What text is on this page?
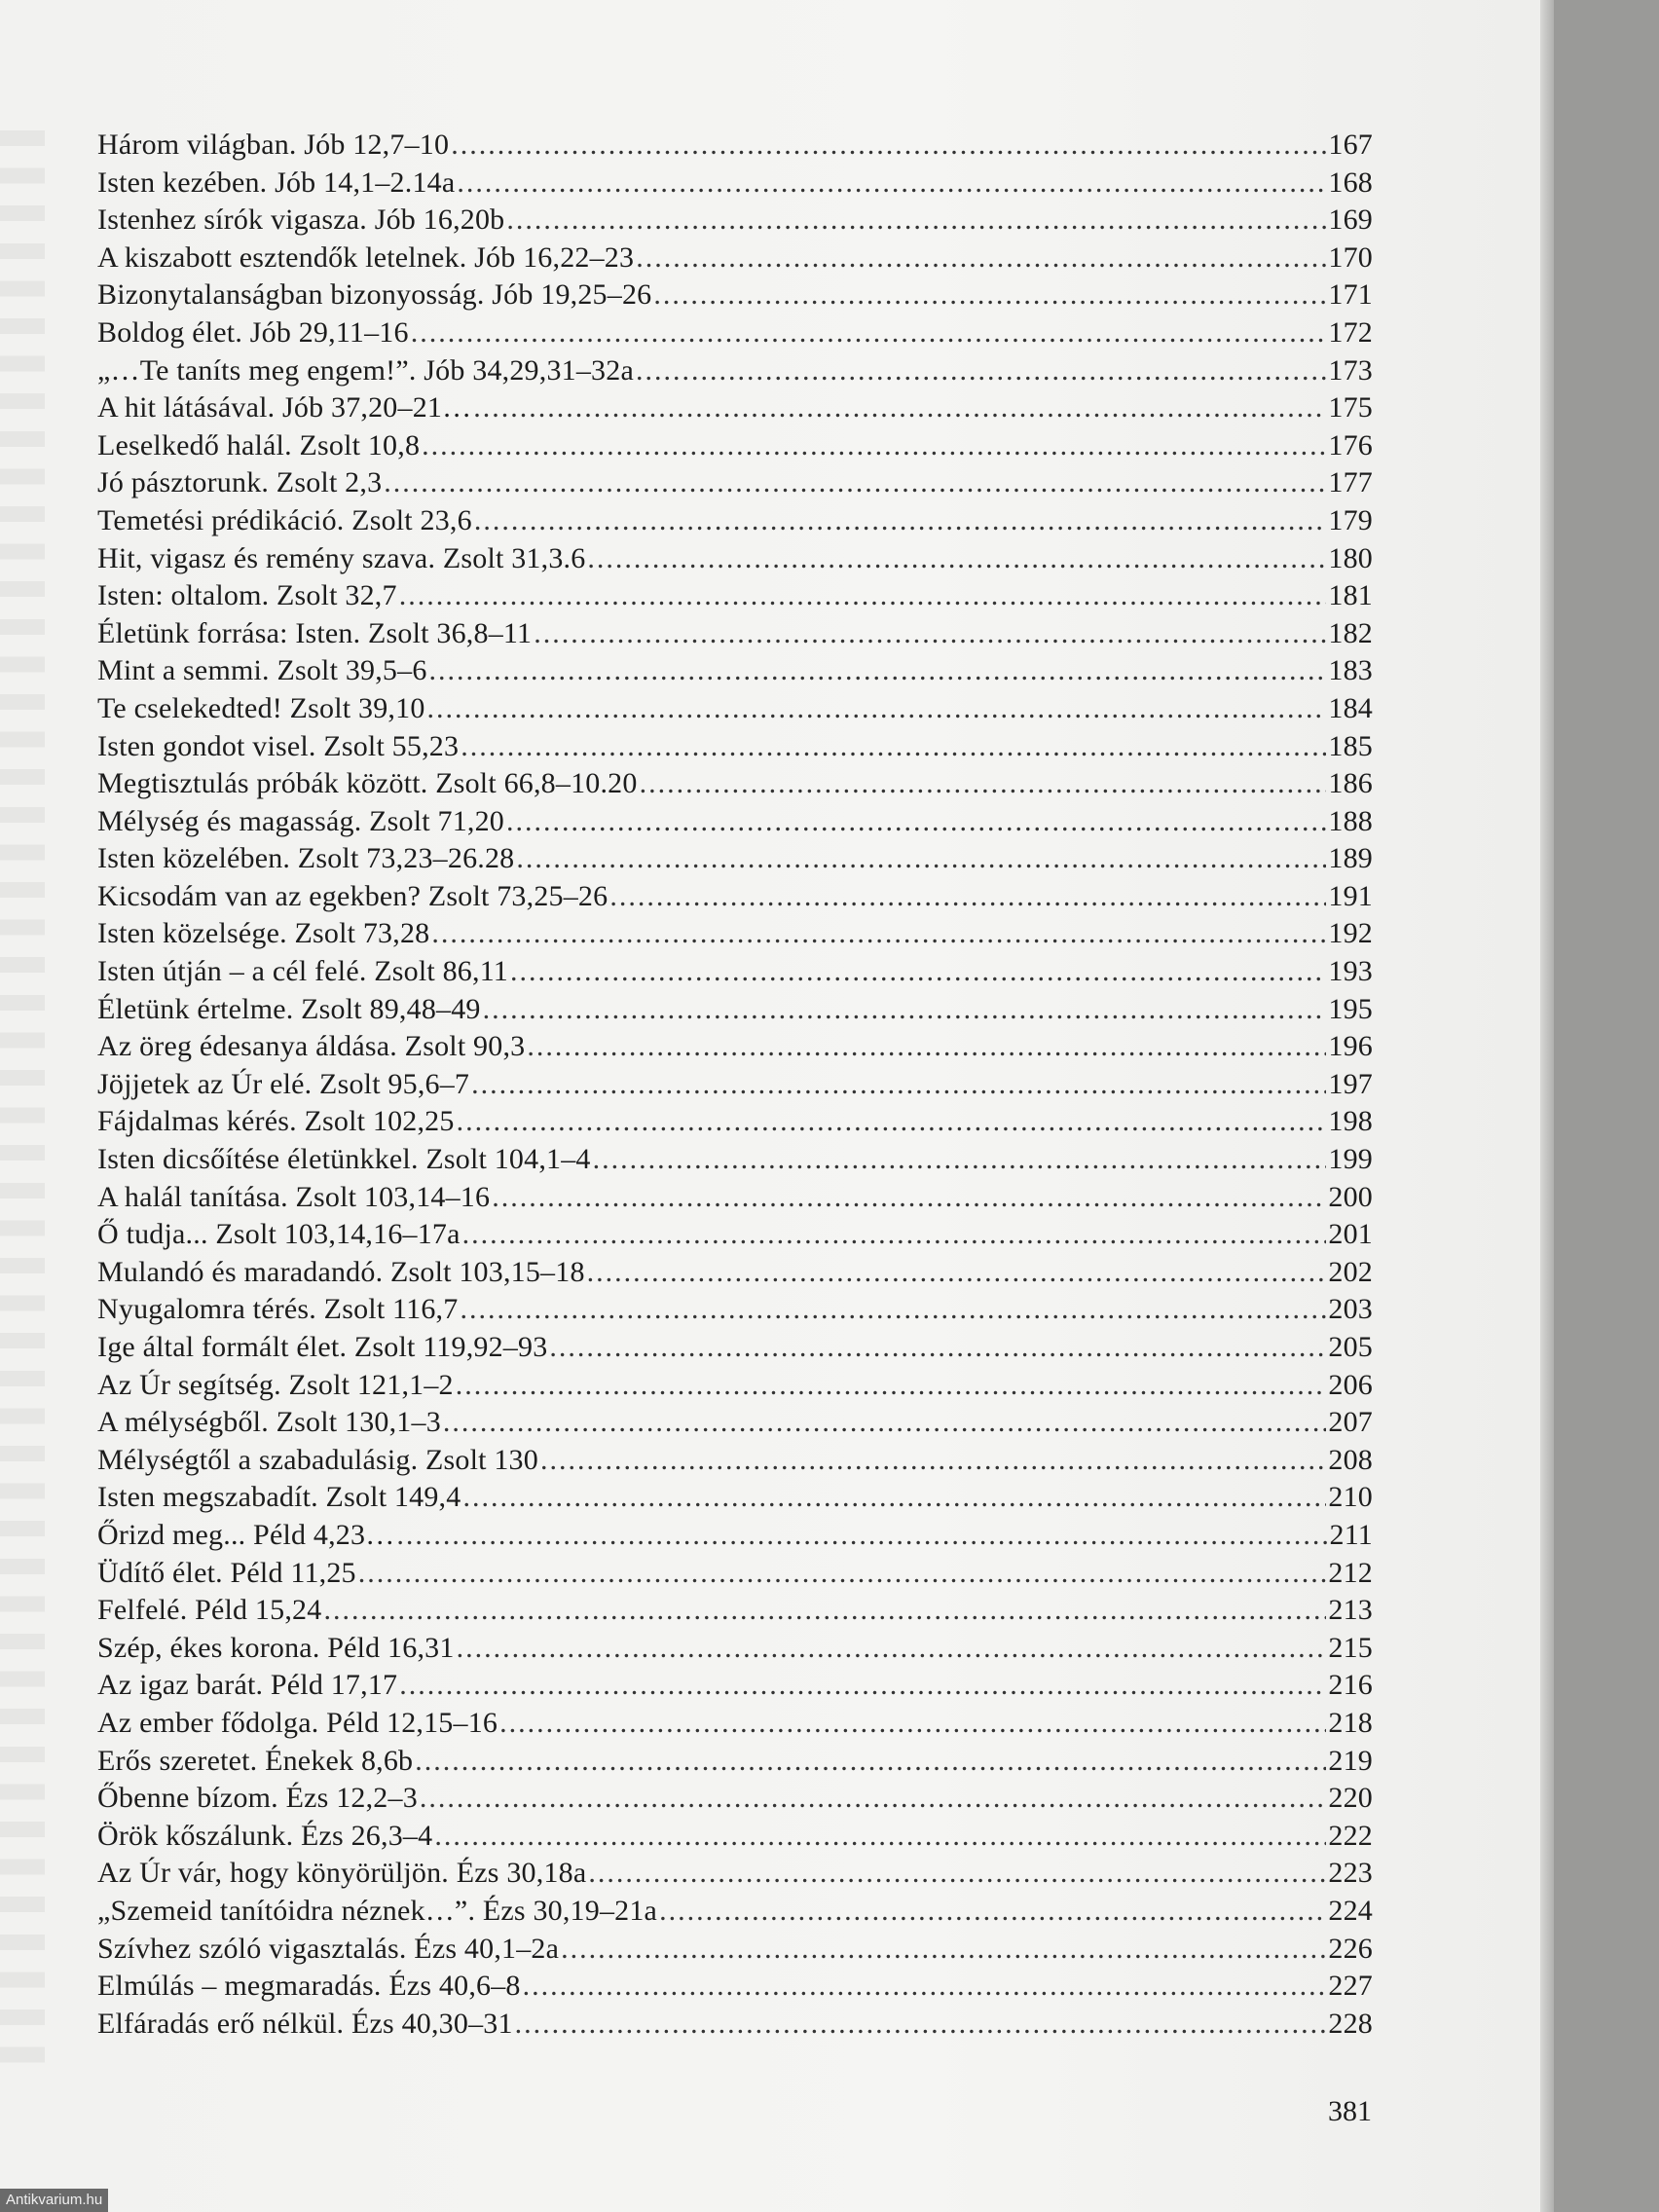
Három világban. Jób 12,7–10 .....	167
Isten kezében. Jób 14,1–2.14a .....	168
Istenhez sírók vigasza. Jób 16,20b .....	169
A kiszabott esztendők letelnek. Jób 16,22–23 .....	170
Bizonytalanságban bizonyosság. Jób 19,25–26 .....	171
Boldog élet. Jób 29,11–16 .....	172
„…Te taníts meg engem!”. Jób 34,29,31–32a .....	173
A hit látásával. Jób 37,20–21… .....	175
Leselkedő halál. Zsolt 10,8 .....	176
Jó pásztorunk. Zsolt 2,3 .....	177
Temetési prédikáció. Zsolt 23,6 .....	179
Hit, vigasz és remény szava. Zsolt 31,3.6 .....	180
Isten: oltalom. Zsolt 32,7 .....	181
Életünk forrása: Isten. Zsolt 36,8–11 .....	182
Mint a semmi. Zsolt 39,5–6 .....	183
Te cselekedted! Zsolt 39,10 .....	184
Isten gondot visel. Zsolt 55,23 .....	185
Megtisztulás próbák között. Zsolt 66,8–10.20 .....	186
Mélység és magasság. Zsolt 71,20 .....	188
Isten közelében. Zsolt 73,23–26.28 .....	189
Kicsodám van az egekben? Zsolt 73,25–26 .....	191
Isten közelsége. Zsolt 73,28 .....	192
Isten útján – a cél felé. Zsolt 86,11 .....	193
Életünk értelme. Zsolt 89,48–49 .....	195
Az öreg édesanya áldása. Zsolt 90,3 .....	196
Jöjjetek az Úr elé. Zsolt 95,6–7 .....	197
Fájdalmas kérés. Zsolt 102,25 .....	198
Isten dicsőítése életünkkel. Zsolt 104,1–4 .....	199
A halál tanítása. Zsolt 103,14–16 .....	200
Ő tudja... Zsolt 103,14,16–17a .....	201
Mulandó és maradandó. Zsolt 103,15–18 .....	202
Nyugalomra térés. Zsolt 116,7 .....	203
Ige által formált élet. Zsolt 119,92–93 .....	205
Az Úr segítség. Zsolt 121,1–2 .....	206
A mélységből. Zsolt 130,1–3 .....	207
Mélységtől a szabadulásig. Zsolt 130 .....	208
Isten megszabadít. Zsolt 149,4 .....	210
Őrizd meg... Péld 4,23… .....	211
Üdítő élet. Péld 11,25 .....	212
Felfelé. Péld 15,24 .....	213
Szép, ékes korona. Péld 16,31 .....	215
Az igaz barát. Péld 17,17 .....	216
Az ember fődolga. Péld 12,15–16 .....	218
Erős szeretet. Énekek 8,6b .....	219
Őbenne bízom. Ézs 12,2–3 .....	220
Örök kőszálunk. Ézs 26,3–4 .....	222
Az Úr vár, hogy könyörüljön. Ézs 30,18a .....	223
„Szemeid tanítóidra néznek…”. Ézs 30,19–21a .....	224
Szívhez szóló vigasztalás. Ézs 40,1–2a .....	226
Elmúlás – megmaradás. Ézs 40,6–8 .....	227
Elfáradás erő nélkül. Ézs 40,30–31 .....	228
381
Antikvarium.hu
